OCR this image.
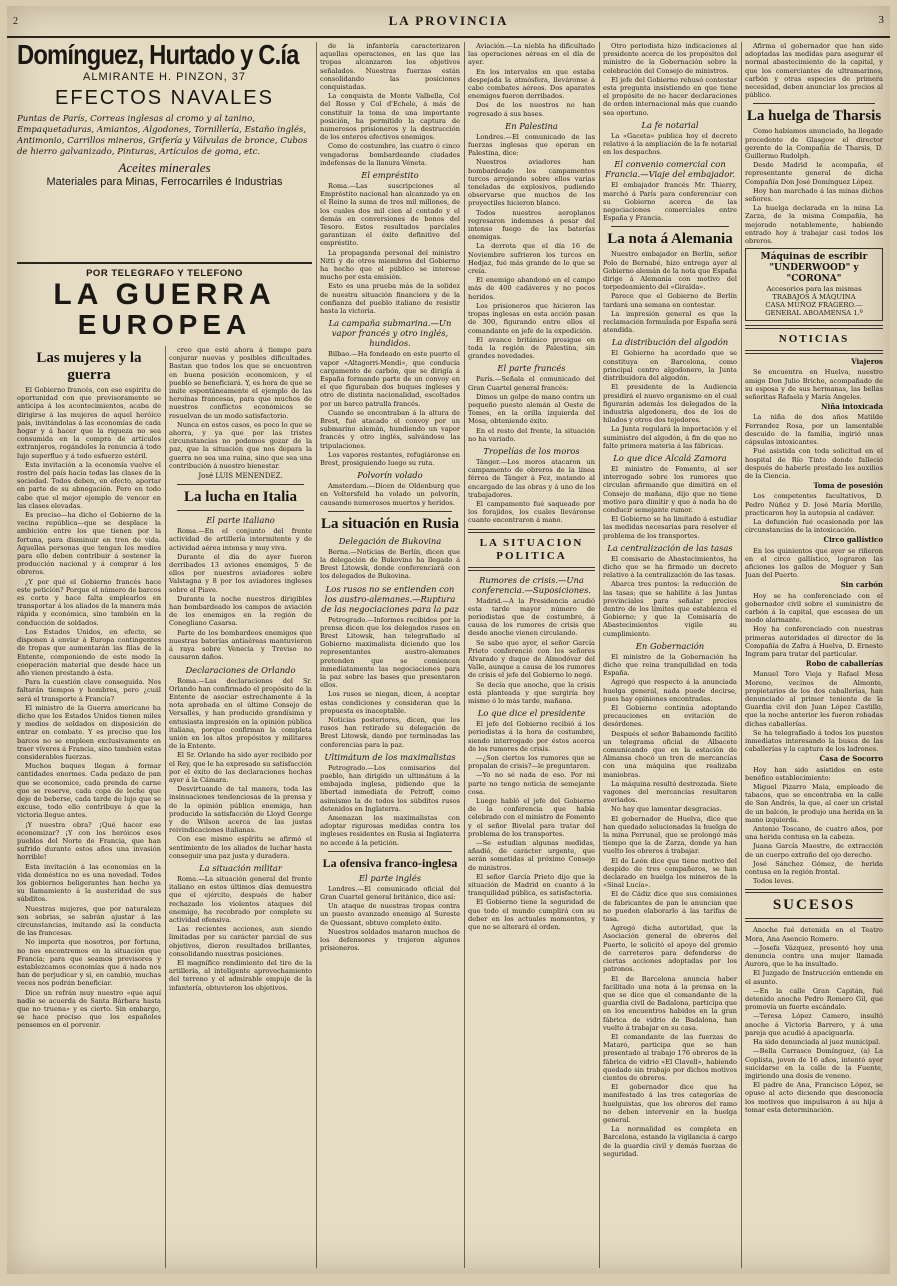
2	LA PROVINCIA	3
Domínguez, Hurtado y C.ía
ALMIRANTE H. PINZON, 37
EFECTOS NAVALES
Puntas de París, Correas inglesas al cromo y al tanino, Empaquetaduras, Amiantos, Algodones, Tornillería, Estaño inglés, Antimonio, Carrillos mineros, Grifería y Válvulas de bronce, Cubos de hierro galvanizado, Pinturas, Artículos de goma, etc.
Aceites minerales
Materiales para Minas, Ferrocarriles é Industrias
POR TELEGRAFO Y TELEFONO
LA GUERRA
EUROPEA
Las mujeres y la guerra

El Gobierno francés, con ese espíritu de oportunidad con que previsoramente se anticipa á los acontecimientos, acaba de dirigirse á las mujeres de aquel heróico país, invitándolas á las economías de cada hogar y á hacer que la riqueza no sea consumida en la compra de artículos extranjeros, rogándoles la renuncia á todo lujo superfluo y á todo esfuerzo estéril.

Esta invitación a la economía vuelve el rostro del país hacia todas las clases de la sociedad. Todos deben, en efecto, aportar en parte de su abnegación. Pero en todo cabe que el mejor ejemplo de vencer en las clases elevadas.

Es preciso—ha dicho el Gobierno de la vecina república—que se desplace la ambición entre los que tienen por la fortuna, para disminuir en tren de vida. Aquellas personas que tengan los medios para ello deben contribuir á sostener la producción nacional y á comprar á los obreros.

¿Y por qué el Gobierno francés hace este petición? Porque el número de barcos es corto y hace falta emplearlos en transportar á los aliados de la manera más rápida y económica, sino también en la conducción de soldados.

Los Estados Unidos, en efecto, se disponen á enviar á Europa contingentes de tropas que aumentarán las filas de la Entente, componiendo de este modo la cooperación material que desde hace un año vienen prestando á ésta.

Para la cuestión clave conseguida. Nos faltarán tiempos y hombres, pero ¿cuál será el transporte á Francia?

El ministro de la Guerra americano ha dicho que los Estados Unidos tienen miles y medios de soldados en disposición de entrar en combate. Y es preciso que los barcos no se empleen exclusivamente en traer víveres á Francia, sino también estas considerables fuerzas.

Muchos buques llegan á formar cantidades enormes. Cada pedazo de pan que se economice, cada prenda de carne que se reserve, cada copa de leche que deje de beberse, cada tarde de lujo que se excuse, todo ello contribuye á que la victoria llegue antes.

¡Y nuestra obra? ¡Qué hacer ese economizar? ¡Y con los heróicos esos pueblos del Norte de Francia, que han sufrido durante estos años una invasión horrible!

Esta invitación á las economías en la vida doméstica no es una novedad. Todos los gobiernos beligerantes han hecho ya su llamamiento á la austeridad de sus súbditos.

Nuestras mujeres, que por naturaleza son sobrias, se sabrán ajustar á las circunstancias, imitando así la conducta de las francesas.

No importa que nosotros, por fortuna, no nos encontremos en la situación que Francia; para que seamos previsores y establezcamos economías que á nada nos han de perjudicar y si, en cambio, muchas veces nos podrán beneficiar.

Dice un refrán muy nuestro «que aquí nadie se acuerda de Santa Bárbara hasta que no truena» y es cierto. Sin embargo, se hace preciso que los españoles pensemos en el porvenir.

creo que esté ahora á tiempo para conjurar nuevas y posibles dificultades. Bastan que todos los que se encuentren en buena posición economicen, y el pueblo se beneficiará. Y, es hora de que se imite espontáneamente el ejemplo de las heroínas francesas, para que muchos de nuestros conflictos económicos se resuelvan de un modo satisfactorio.

Nunca en estos casos, es poco lo que se ahorra, y ya que por las tristes circunstancias no podemos gozar de la paz, que la situación que nos depara la guerra no sea una ruina, sino que sea una contribución á nuestro bienestar.

José LUIS MENENDEZ.
La lucha en Italia
El parte italiano

Roma.—En el conjunto del frente actividad de artillería intermitente y de actividad aérea intensa y muy viva.

Durante el día de ayer fueron derribados 13 aviones enemigos, 5 de ellos por nuestros aviadores sobre Valstagna y 8 por los aviadores ingleses sobre el Piave.

Durante la noche nuestros dirigibles han bombardeado los campos de aviación de los enemigos en la región de Conegliano Casarsa.

Parte de los bombardeos enemigos que nuestras baterías antiaéreas mantuvieron á raya sobre Venecia y Treviso no causaron daños.

Declaraciones de Orlando

Roma.—Las declaraciones del Sr. Orlando han confirmado el propósito de la Entente de asociar estrechamente á la nota aprobada en el último Consejo de Versalles, y han producido grandísima y entusiasta impresión en la opinión pública italiana, porque confirman la completa unión en los altos propósitos y militares de la Entente.

El Sr. Orlando ha sido ayer recibido por el Rey, que le ha expresado su satisfacción por el éxito de las declaraciones hechas ayer á la Cámara.

Desvirtuando de tal manera, toda las insinuaciones tendenciosas de la prensa y de la opinión pública enemiga, han producido la satisfacción de Lloyd George y de Wilson acerca de las justas reivindicaciones italianas.

Con ese mismo espíritu se afirmó el sentimiento de los aliados de luchar hasta conseguir una paz justa y duradera.

La situación militar

Roma.—La situación general del frente italiano en estos últimos días demuestra que el ejército, después de haber rechazado los violentos ataques del enemigo, ha recobrado por completo su actividad ofensiva.

Las recientes acciones, aun siendo limitadas por su carácter parcial de sus objetivos, dieron resultados brillantes, consolidando nuestras posiciones.

El magnífico rendimiento del tiro de la artillería, al inteligente aprovechamiento del terreno y el admirable empuje de la infantería, obtuvieron los objetivos.

de la infantería caracterizaron aquellas operaciones, en las que las tropas alcanzaron los objetivos señalados. Nuestras fuerzas están consolidando las posiciones conquistadas.

La conquista de Monte Valbella, Col del Rosso y Col d'Echele, á más de constituir la toma de una importante posición, ha permitido la captura de numerosos prisioneros y la destrucción de los enteros efectivos enemigos.

Como de costumbre, las cuatro ó cinco vengadoras bombardeando ciudades indefensas de la llanura Véneta.

El empréstito

Roma.—Las suscripciones al Empréstito nacional han alcanzado ya en el Reino la suma de tres mil millones, de los cuales dos mil cien al contado y el demás en conversiones de bonos del Tesoro. Estos resultados parciales garantizan el éxito definitivo del empréstito.

La propaganda personal del ministro Nitti y de otros miembros del Gobierno ha hecho que el público se interese mucho por esta emisión.

Esto es una prueba más de la solidez de nuestra situación financiera y de la confianza del pueblo italiano de resistir hasta la victoria.

La campaña submarina.—Un vapor francés y otro inglés, hundidos.

Bilbao.—Ha fondeado en este puerto el vapor «Altagorri-Mendi», que conducía cargamento de carbón, que se dirigía á España formando parte de un convoy en el que figuraban dos buques ingleses y otro de distinta nacionalidad, escoltados por un barco patrulla francés.

Cuando se encontraban á la altura de Brest, fué atacado el convoy por un submarino alemán, hundiendo un vapor francés y otro inglés, salvándose las tripulaciones.

Los vapores restantes, refugiáronse en Brest, prosiguiendo luego su ruta.

Polvorín volado

Amsterdam.—Dicen de Oldenburg que en Voltersfeld ha volado un polvorín, causando numerosos muertos y heridos.

La situación en Rusia
Delegación de Bukovina

Berna.—Noticias de Berlín, dicen que la delegación de Bukovina ha llegado á Brest Litowsk, donde conferenciará con los delegados de Bukovina.

Los rusos no se entienden con los austro-alemanes.—Ruptura de las negociaciones para la paz

Petrogrado.—Informes recibidos por la prensa dicen que los delegados rusos en Brest Litowsk, han telegrafiado al Gobierno maximalista diciendo que los representantes austro-alemanes pretenden que se comiencen inmediatamente las negociaciones para la paz sobre las bases que presentaron ellos.

Los rusos se niegan, dicen, á aceptar estas condiciones y consideran que la propuesta es inaceptable.

Noticias posteriores, dicen, que los rusos han retirado su delegación de Brest Litowsk, dando por terminadas las conferencias para la paz.

Ultimátum de los maximalistas

Petrogrado.—Los comisarios del pueblo, han dirigido un ultimátum á la embajada inglesa, pidiendo que la libertad inmediata de Petroff, como asimismo la de todos los súbditos rusos detenidos en Inglaterra.

Amenazan los maximalistas con adoptar rigurosas medidas contra los ingleses residentes en Rusia si Inglaterra no accede á la petición.

La ofensiva franco-inglesa
El parte inglés

Londres.—El comunicado oficial del Gran Cuartel general británico, dice así:

Un ataque de nuestras tropas contra un puesto avanzado enemigo al Sureste de Quessant, obtuvo completo éxito.

Nuestros soldados mataron muchos de los defensores y trajeron algunos prisioneros.

Aviación.—La niebla ha dificultado las operaciones aéreas en el día de ayer.

En los intervalos en que estaba despejada la atmósfera, lleváronse á cabo combates aéreos. Dos aparatos enemigos fueron derribados.

Dos de los nuestros no han regresado á sus bases.

En Palestina

Londres.—El comunicado de las fuerzas inglesas que operan en Palestina, dice:

Nuestros aviadores han bombardeado los campamentos turcos arrojando sobre ellos varias toneladas de explosivos, pudiendo observarse que muchos de los proyectiles hicieron blanco.

Todos nuestros aeroplanos regresaron indemnes á pesar del intenso fuego de las baterías enemigas.

La derrota que el día 16 de Noviembre sufrieron los turcos en Hedjaz, fué más grande de lo que se creía.

El enemigo abandonó en el campo más de 400 cadáveres y no pocos heridos.

Los prisioneros que hicieron las tropas inglesas en esta acción pasan de 300, figurando entre ellos el comandante en jefe de la expedición.

El avance británico prosigue en toda la región de Palestina, sin grandes novedades.

El parte francés

París.—Señala el comunicado del Gran Cuartel general francés:

Dimos un golpe de mano contra un pequeño puesto alemán al Oeste de Tomes, en la orilla izquierda del Mosa, obteniendo éxito.

En el resto del frente, la situación no ha variado.

Tropelías de los moros

Tánger.—Los moros atacaron un campamento de obreros de la línea férrea de Tánger á Fez, matando al encargado de las obras y á uno de los trabajadores.

El campamento fué saqueado por los forajidos, los cuales lleváronse cuanto encontraron á mano.

LA SITUACION POLITICA
Rumores de crisis.—Una conferencia.—Suposiciones.

Madrid.—A la Presidencia acudió esta tarde mayor número de periodistas que de costumbre, á causa de los rumores de crisis que desde anoche vienen circulando.

Se sabe que ayer, el señor García Prieto conferenció con los señores Alvarado y duque de Almodóvar del Valle, aunque a causa de los rumores de crisis el jefe del Gobierno lo negó.

Se decía que anoche, que la crisis está planteada y que surgiría hoy mismo ó lo más tarde, mañana.

Lo que dice el presidente

El jefe del Gobierno recibió á los periodistas á la hora de costumbre, siendo interrogado por éstos acerca de los rumores de crisis.

—¿Son ciertos los rumores que se propalan de crisis?—le preguntaron.

—Yo no sé nada de eso. Por mi parte no tengo noticia de semejante cosa.

Luego habló el jefe del Gobierno de la conferencia que había celebrado con el ministro de Fomento y el señor Bivelal para tratar del problema de los transportes.

—Se estudian algunas medidas, añadió, de carácter urgente, que serán sometidas al próximo Consejo de ministros.

El señor García Prieto dijo que la situación de Madrid en cuanto á la tranquilidad pública, es satisfactoria.

El Gobierno tiene la seguridad de que todo el mundo cumplirá con su deber en los actuales momentos, y que no se alterará el orden.

Otro periodista hizo indicaciones al presidente acerca de los propósitos del ministro de la Gobernación sobre la celebración del Consejo de ministros.

El jefe del Gobierno rehusó contestar esta pregunta insistiendo en que tiene el propósito de no hacer declaraciones de orden internacional más que cuando sea oportuno.

La fe notarial

La «Gaceta» publica hoy el decreto relativo á la ampliación de la fe notarial en los despachos.

El convenio comercial con Francia.—Viaje del embajador.

El embajador francés Mr. Thierry, marchó á París para conferenciar con su Gobierno acerca de las negociaciones comerciales entre España y Francia.

La nota á Alemania

Nuestro embajador en Berlín, señor Polo de Bernabé, hizo entrega ayer al Gobierno alemán de la nota que España dirige á Alemania con motivo del torpedeamiento del «Giralda».

Parece que el Gobierno de Berlín tardará una semana en contestar.

La impresión general es que la reclamación formulada por España será atendida.

La distribución del algodón

El Gobierno ha acordado que se constituya en Barcelona, como principal centro algodonero, la Junta distribuidora del algodón.

El presidente de la Audiencia presidirá el nuevo organismo en el cual figurarán además los delegados de la industria algodonera, dos de los de hilados y otros dos tejedores.

La Junta regulará la importación y el suministro del algodón, á fin de que no falte primera materia á las fábricas.

Lo que dice Alcalá Zamora

El ministro de Fomento, al ser interrogado sobre los rumores que circulan afirmando que dimitirá en el Consejo de mañana, dijo que no tiene motivo para dimitir y que á nada ha de conducir semejante rumor.

El Gobierno se ha limitado á estudiar las medidas necesarias para resolver el problema de los transportes.

La centralización de las tasas

El comisario de Abastecimientos, ha dicho que se ha firmado un decreto relativo á la centralización de las tasas.

Abarca tres puntos: la reducción de las tasas; que se habilite á las Juntas provinciales para señalar precios dentro de los límites que establezca el Gobierno; y que la Comisaría de Abastecimientos vigile su cumplimiento.

En Gobernación

El ministro de la Gobernación ha dicho que reina tranquilidad en toda España.

Agregó que respecto á la anunciada huelga general, nada puede decirse, pues hay opiniones encontradas.

El Gobierno continúa adoptando precauciones en evitación de desórdenes.

Después el señor Bahamonde facilitó un telegrama oficial de Albacete comunicando que en la estación de Almansa chocó un tren de mercancías con una máquina que realizaba maniobras.

La máquina resultó destrozada. Siete vagones del mercancías resultaron averiados.

No hay que lamentar desgracias.

El gobernador de Huelva, dice que han quedado solucionadas la huelga de la mina Perrunal, que se prolongó más tiempo que la de Zarza, donde ya han vuelto los obreros á trabajar.

El de León dice que tiene motivo del despido de tres compañeros, se han declarado en huelga los mineros de la «Sinal Lucía».

El de Cádiz dice que sus comisiones de fabricantes de pan le anuncian que no pueden elaborarlo á las tarifas de tasa.

Agregó dicha autoridad, que la Asociación general de obreros del Puerto, le solicitó el apoyo del gremio de carreteros para defenderse de ciertas acciones adoptadas por los patronos.

El de Barcelona anuncia haber facilitado una nota á la prensa en la que se dice que el comandante de la guardia civil de Badalona, participa que en los encuentros habidos en la gran fábrica de vidrio de Badalona, han vuelto á trabajar en su casa.

El comandante de las fuerzas de Mataró, participa que se han presentado al trabajo 176 obreros de la fábrica de vidrio «El Clavell», habiendo quedado sin trabajo por dichos motivos cientos de obreros.

El gobernador dice que ha manifestado á las tres categorías de huelguistas, que los obreros del ramo no deben intervenir en la huelga general.

La normalidad es completa en Barcelona, estando la vigilancia á cargo de la guardia civil y demás fuerzas de seguridad.

Afirma el gobernador que han sido adoptadas las medidas para asegurar el normal abastecimiento de la capital, y que los comerciantes de ultramarinos, carbón y otras especies de primera necesidad, deben anunciar los precios al público.

La huelga de Tharsis

Como habíamos anunciado, ha llegado procedente de Glasgow el director gerente de la Compañía de Tharsis, D. Guillermo Rudolph.

Desde Madrid le acompaña, el representante general de dicha Compañía Don José Domínguez López.

Hoy han marchado á las minas dichos señores.

La huelga declarada en la mina La Zarza, de la misma Compañía, ha mejorado notablemente, habiendo entrado hoy á trabajar casi todos los obreros.

Máquinas de escribir "UNDERWOOD" y "CORONA"
Accesorios para las mismas
TRABAJOS Á MÁQUINA
CASA MUÑOZ FRAGERO.—GENERAL ABOAMENSA 1.º
NOTICIAS
Viajeros

Se encuentra en Huelva, nuestro amigo Don Julio Briche, acompañado de su esposa y de sus hermanas, las bellas señoritas Rafaela y María Angeles.

Niña intoxicada

La niña de dos años Matilde Ferrandez Rosa, por un lamentable descuido de la familia, ingirió unas cápsulas intoxicantes.

Fué asistida con toda solicitud en el hospital de Río Tinto donde falleció después de haberle prestado los auxilios de la Ciencia.

Toma de posesión

Los competentes facultativos, D. Pedro Núñez y D. José María Morillo, practicaron hoy la autopsia al cadáver.

La defunción fué ocasionada por las circunstancias de la intoxicación.

Circo gallístico

En los quinientos que ayer se riñeron en el circo gallístico, lograron las aficiones los gallos de Moguer y San Juan del Puerto.

Sin carbón

Hoy se ha conferenciado con el gobernador civil sobre el suministro de carbón á la capital, que escasea de un modo alarmante.

Hoy ha conferenciado con nuestras primeras autoridades el director de la Compañía de Zafra á Huelva, D. Ernesto Ingram para tratar del particular.

Robo de caballerías

Manuel Toro Vieja y Rafael Mesa Moreno, vecinos de Almonte, propietarios de los dos caballerías, han denunciado al primer teniente de la Guardia civil don Juan López Castillo, que la noche anterior les fueron robadas dichas caballerías.

Se ha telegrafiado á todos los puestos inmediatos interesando la busca de las caballerías y la captura de los ladrones.

Casa de Socorro

Hoy han sido asistidos en este benéfico establecimiento:

Miguel Pizarro Maia, empleado de tabacos, que se encontraba en la calle de San Andrés, la que, al caer un cristal de un balcón, le produjo una herida en la mano izquierda.

Antonio Toscano, de cuatro años, por una herida contusa en la cabeza.

Juana García Maestre, de extracción de un cuerpo extraño del ojo derecho.

José Sánchez Gómez, de herida contusa en la región frontal.

Todos leves.

SUCESOS

Anoche fué detenida en el Teatro Mora, Ana Asencio Romero.

—Josefa Vázquez, presentó hoy una denuncia contra una mujer llamada Aurora, que le ha insultado.

El Juzgado de Instrucción entiende en el asunto.

—En la calle Gran Capitán, fué detenido anoche Pedro Romero Gil, que promovía un fuerte escándalo.

—Teresa López Camero, insultó anoche á Victoria Barrero, y á una pareja que acudió á apaciguarla.

Ha sido denunciada al juez municipal.

—Bella Carrasco Domínguez, (a) La Coplista, joven de 16 años, intentó ayer suicidarse en la calle de la Fuente, ingiriendo una dosis de veneno.

El padre de Ana, Francisco López, se opuso al acto diciendo que desconocía los motivos que impulsaron á su hija á tomar esta determinación.
